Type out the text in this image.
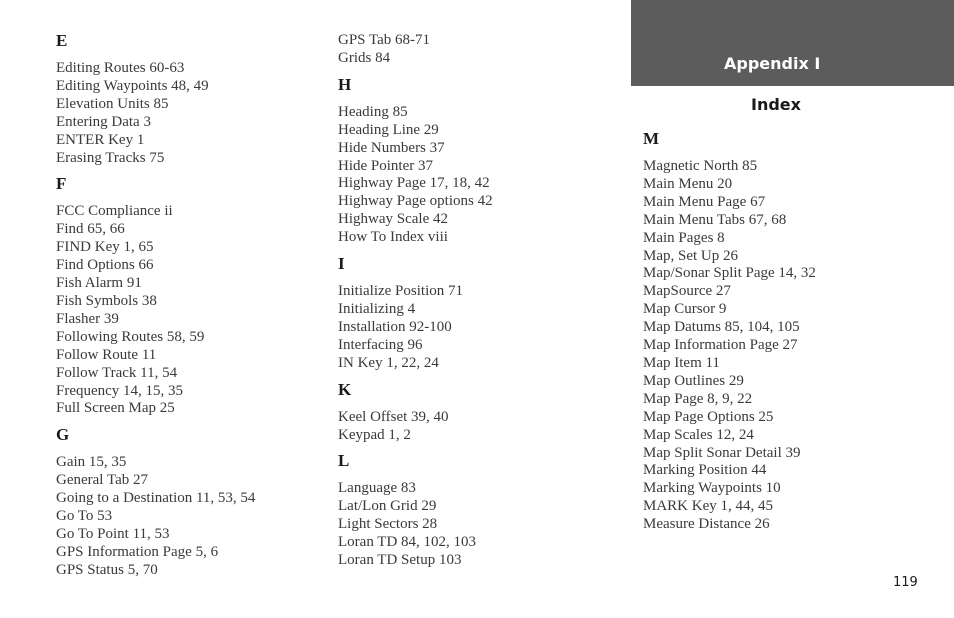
Appendix I
Index
E
Editing Routes 60-63
Editing Waypoints 48, 49
Elevation Units 85
Entering Data 3
ENTER Key 1
Erasing Tracks 75
F
FCC Compliance ii
Find 65, 66
FIND Key 1, 65
Find Options 66
Fish Alarm 91
Fish Symbols 38
Flasher 39
Following Routes 58, 59
Follow Route 11
Follow Track 11, 54
Frequency 14, 15, 35
Full Screen Map 25
G
Gain 15, 35
General Tab 27
Going to a Destination 11, 53, 54
Go To 53
Go To Point 11, 53
GPS Information Page 5, 6
GPS Status 5, 70
GPS Tab 68-71
Grids 84
H
Heading 85
Heading Line 29
Hide Numbers 37
Hide Pointer 37
Highway Page 17, 18, 42
Highway Page options 42
Highway Scale 42
How To Index viii
I
Initialize Position 71
Initializing 4
Installation 92-100
Interfacing 96
IN Key 1, 22, 24
K
Keel Offset 39, 40
Keypad 1, 2
L
Language 83
Lat/Lon Grid 29
Light Sectors 28
Loran TD 84, 102, 103
Loran TD Setup 103
M
Magnetic North 85
Main Menu 20
Main Menu Page 67
Main Menu Tabs 67, 68
Main Pages 8
Map, Set Up 26
Map/Sonar Split Page 14, 32
MapSource 27
Map Cursor 9
Map Datums 85, 104, 105
Map Information Page 27
Map Item 11
Map Outlines 29
Map Page 8, 9, 22
Map Page Options 25
Map Scales 12, 24
Map Split Sonar Detail 39
Marking Position 44
Marking Waypoints 10
MARK Key 1, 44, 45
Measure Distance 26
119
